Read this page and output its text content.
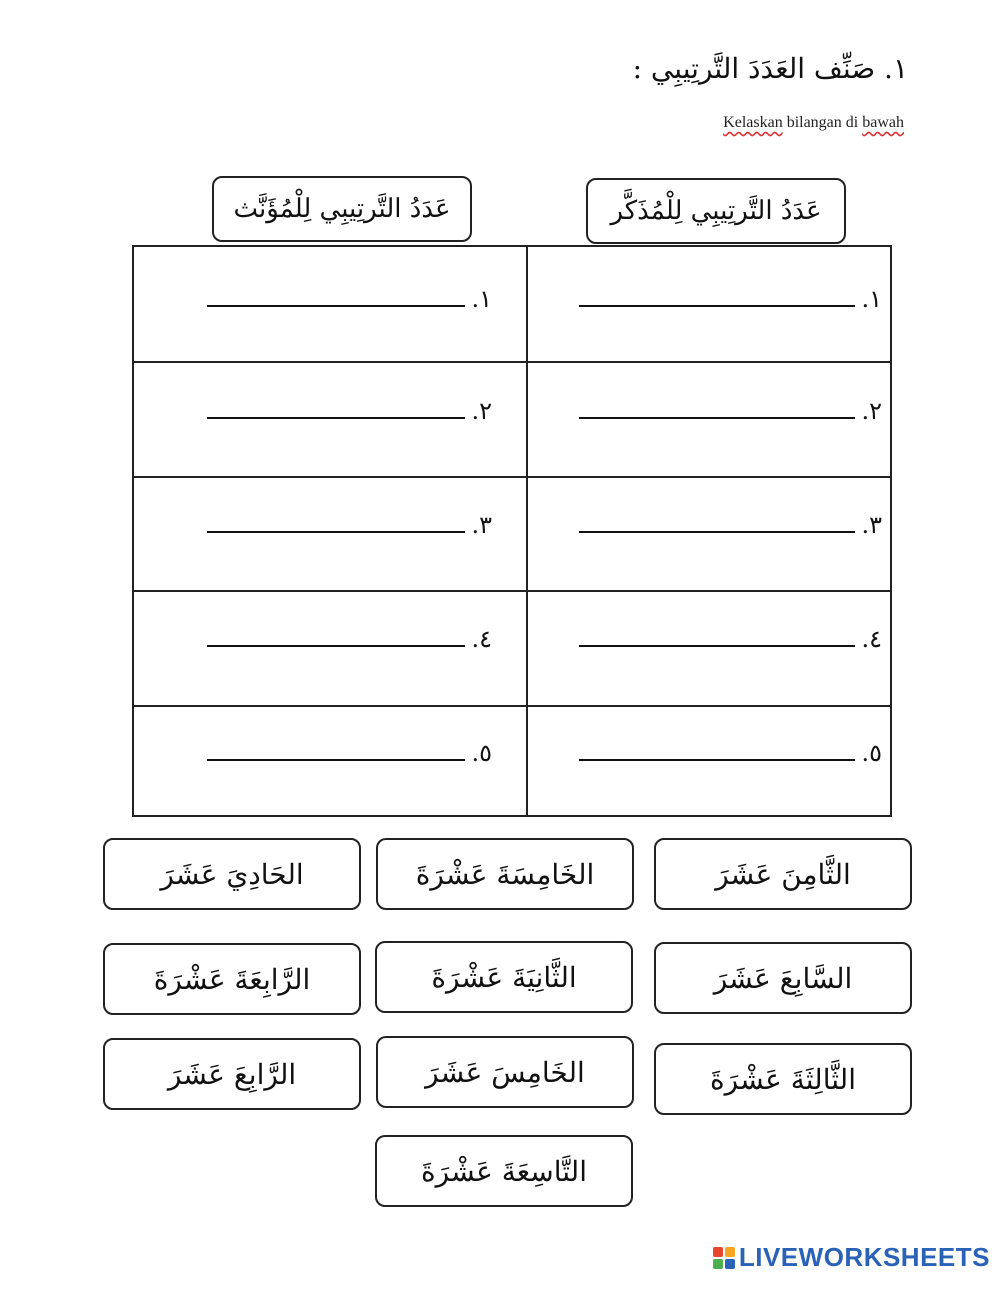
١. صَنِّف العَدَدَ التَّرتِيبِي :
Kelaskan bilangan di bawah
عَدَدُ التَّرتِيبِي لِلْمُذَكَّر
عَدَدُ التَّرتِيبِي لِلْمُؤَنَّث
١.
٢.
٣.
٤.
٥.
١.
٢.
٣.
٤.
٥.
الثَّامِنَ عَشَرَ
الخَامِسَةَ عَشْرَةَ
الحَادِيَ عَشَرَ
السَّابِعَ عَشَرَ
الثَّانِيَةَ عَشْرَةَ
الرَّابِعَةَ عَشْرَةَ
الثَّالِثَةَ عَشْرَةَ
الخَامِسَ عَشَرَ
الرَّابِعَ عَشَرَ
التَّاسِعَةَ عَشْرَةَ
LIVEWORKSHEETS
